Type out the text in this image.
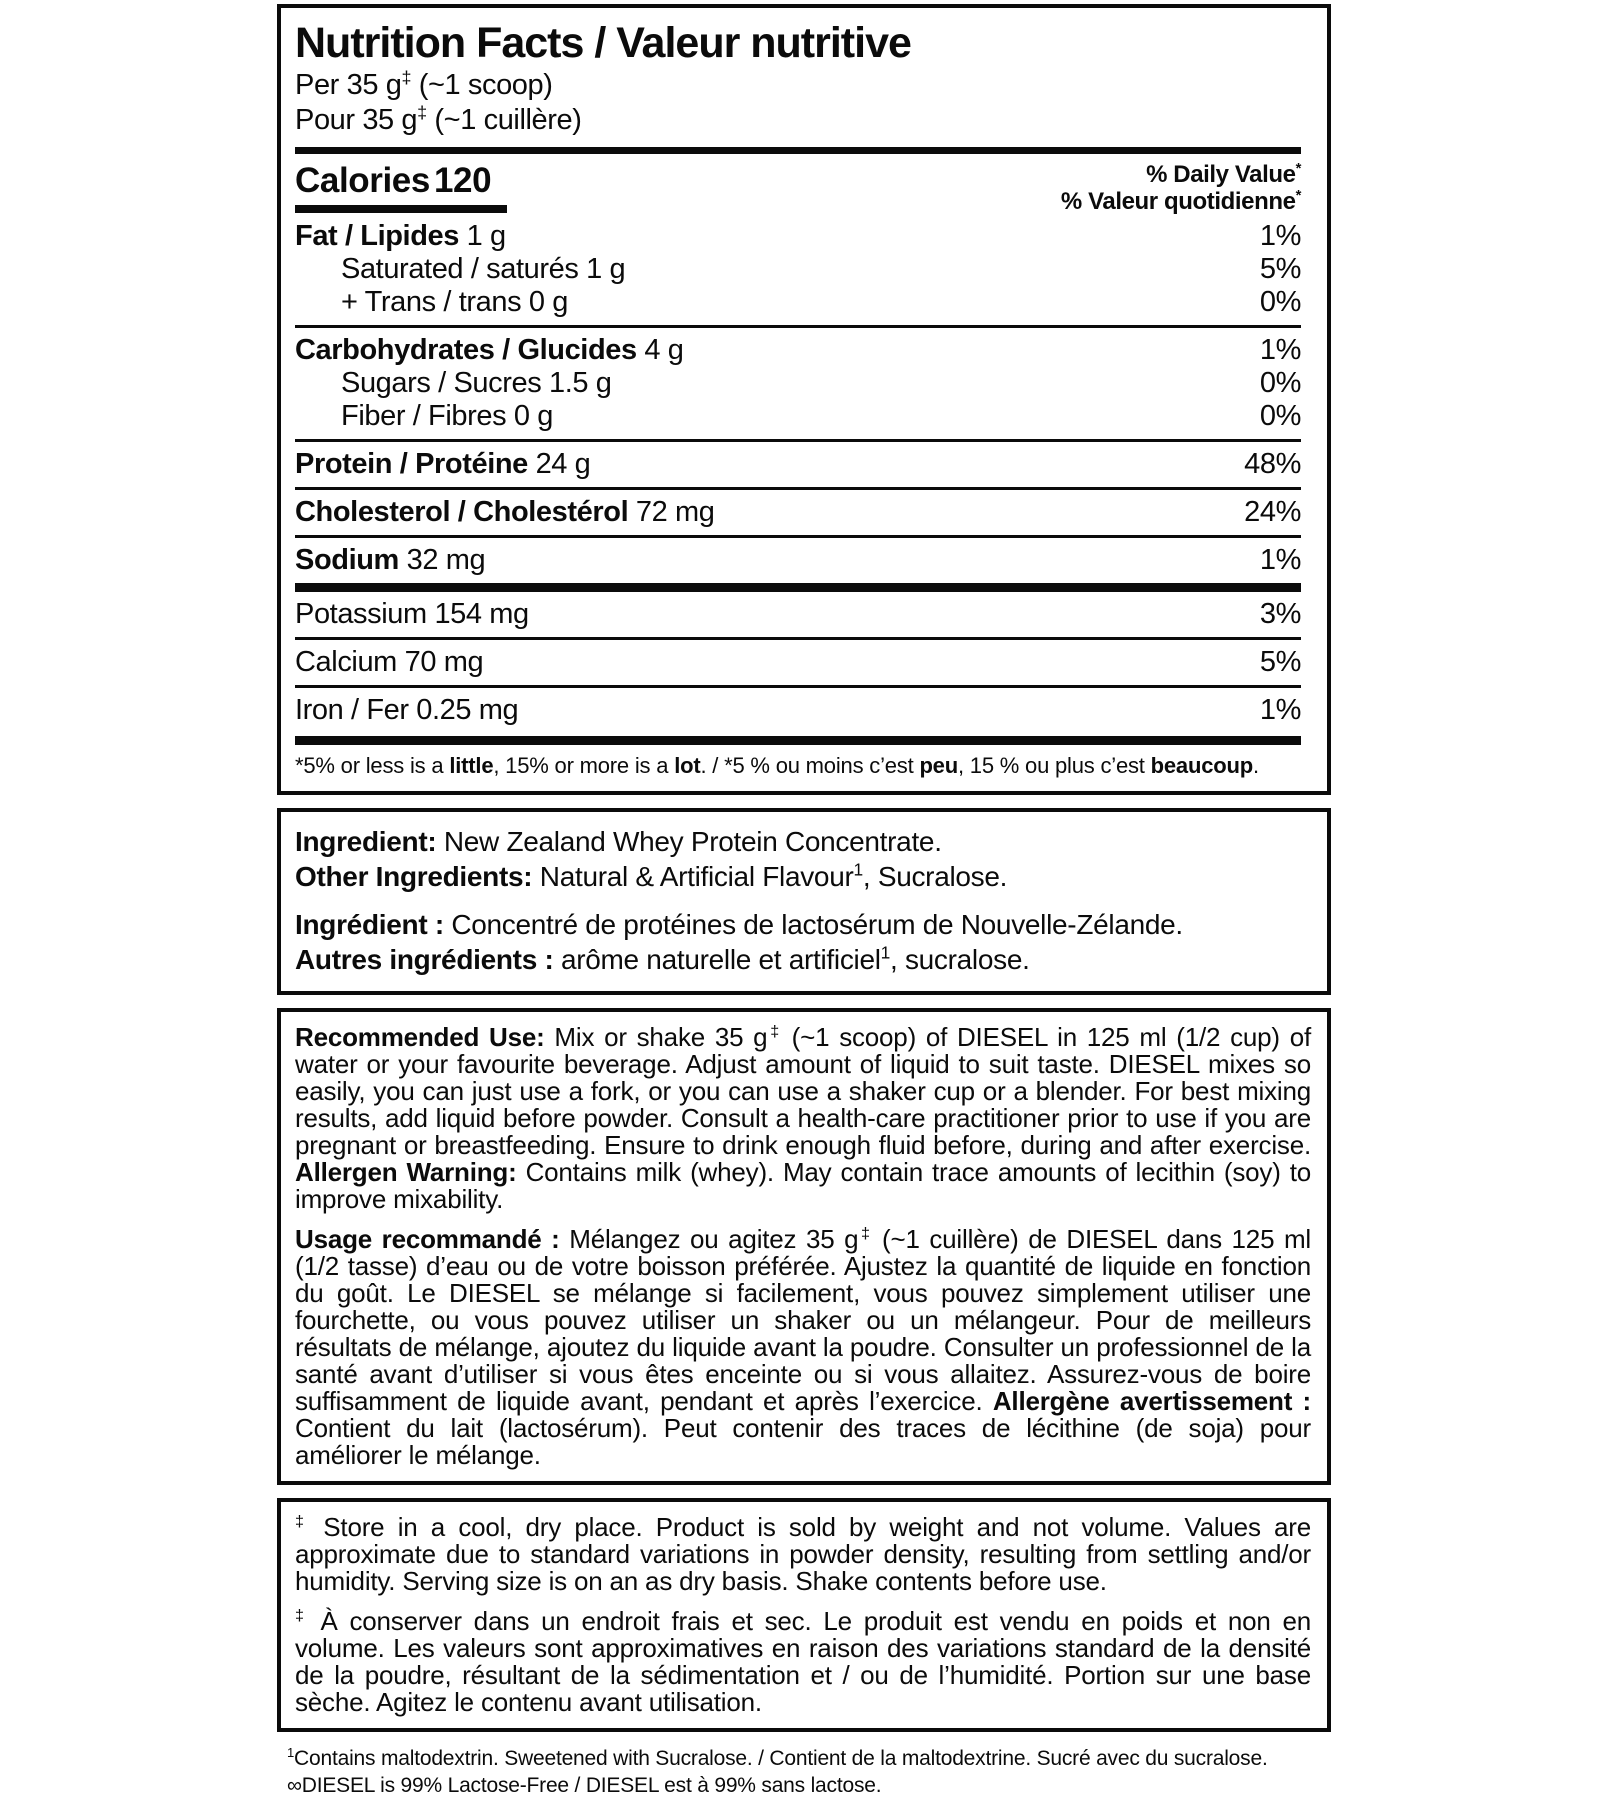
Nutrition Facts / Valeur nutritive
Per 35 g‡ (~1 scoop)
Pour 35 g‡ (~1 cuillère)
Calories 120	% Daily Value*
% Valeur quotidienne*
Fat / Lipides 1 g	1%
Saturated / saturés 1 g	5%
+ Trans / trans 0 g	0%
Carbohydrates / Glucides 4 g	1%
Sugars / Sucres 1.5 g	0%
Fiber / Fibres 0 g	0%
Protein / Protéine 24 g	48%
Cholesterol / Cholestérol 72 mg	24%
Sodium 32 mg	1%
Potassium 154 mg	3%
Calcium 70 mg	5%
Iron / Fer 0.25 mg	1%
*5% or less is a little, 15% or more is a lot. / *5 % ou moins c’est peu, 15 % ou plus c’est beaucoup.
Ingredient: New Zealand Whey Protein Concentrate.
Other Ingredients: Natural & Artificial Flavour$^1$, Sucralose.
Ingrédient : Concentré de protéines de lactosérum de Nouvelle-Zélande.
Autres ingrédients : arôme naturelle et artificiel$^1$, sucralose.

Recommended Use: Mix or shake 35 g‡ (~1 scoop) of DIESEL in 125 ml (1/2 cup) of water or your favourite beverage. Adjust amount of liquid to suit taste. DIESEL mixes so easily, you can just use a fork, or you can use a shaker cup or a blender. For best mixing results, add liquid before powder. Consult a health-care practitioner prior to use if you are pregnant or breastfeeding. Ensure to drink enough fluid before, during and after exercise. Allergen Warning: Contains milk (whey). May contain trace amounts of lecithin (soy) to improve mixability.

Usage recommandé : Mélangez ou agitez 35 g‡ (~1 cuillère) de DIESEL dans 125 ml (1/2 tasse) d’eau ou de votre boisson préférée. Ajustez la quantité de liquide en fonction du goût. Le DIESEL se mélange si facilement, vous pouvez simplement utiliser une fourchette, ou vous pouvez utiliser un shaker ou un mélangeur. Pour de meilleurs résultats de mélange, ajoutez du liquide avant la poudre. Consulter un professionnel de la santé avant d’utiliser si vous êtes enceinte ou si vous allaitez. Assurez-vous de boire suffisamment de liquide avant, pendant et après l’exercice. Allergène avertissement : Contient du lait (lactosérum). Peut contenir des traces de lécithine (de soja) pour améliorer le mélange.

‡ Store in a cool, dry place. Product is sold by weight and not volume. Values are approximate due to standard variations in powder density, resulting from settling and/or humidity. Serving size is on an as dry basis. Shake contents before use.

‡ À conserver dans un endroit frais et sec. Le produit est vendu en poids et non en volume. Les valeurs sont approximatives en raison des variations standard de la densité de la poudre, résultant de la sédimentation et / ou de l’humidité. Portion sur une base sèche. Agitez le contenu avant utilisation.

$^1$Contains maltodextrin. Sweetened with Sucralose. / Contient de la maltodextrine. Sucré avec du sucralose.

∞DIESEL is 99% Lactose-Free / DIESEL est à 99% sans lactose.
